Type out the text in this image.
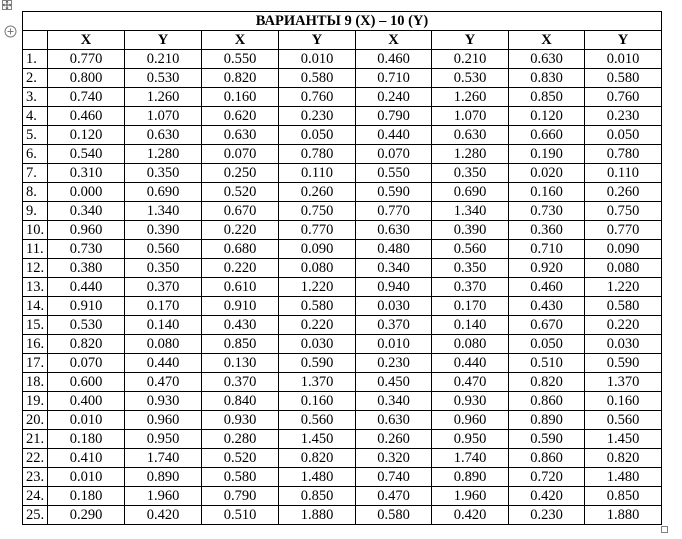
ВАРИАНТЫ 9 (X) – 10 (Y)								
	X	Y	X	Y	X	Y	X	Y
1.	0.770	0.210	0.550	0.010	0.460	0.210	0.630	0.010
2.	0.800	0.530	0.820	0.580	0.710	0.530	0.830	0.580
3.	0.740	1.260	0.160	0.760	0.240	1.260	0.850	0.760
4.	0.460	1.070	0.620	0.230	0.790	1.070	0.120	0.230
5.	0.120	0.630	0.630	0.050	0.440	0.630	0.660	0.050
6.	0.540	1.280	0.070	0.780	0.070	1.280	0.190	0.780
7.	0.310	0.350	0.250	0.110	0.550	0.350	0.020	0.110
8.	0.000	0.690	0.520	0.260	0.590	0.690	0.160	0.260
9.	0.340	1.340	0.670	0.750	0.770	1.340	0.730	0.750
10.	0.960	0.390	0.220	0.770	0.630	0.390	0.360	0.770
11.	0.730	0.560	0.680	0.090	0.480	0.560	0.710	0.090
12.	0.380	0.350	0.220	0.080	0.340	0.350	0.920	0.080
13.	0.440	0.370	0.610	1.220	0.940	0.370	0.460	1.220
14.	0.910	0.170	0.910	0.580	0.030	0.170	0.430	0.580
15.	0.530	0.140	0.430	0.220	0.370	0.140	0.670	0.220
16.	0.820	0.080	0.850	0.030	0.010	0.080	0.050	0.030
17.	0.070	0.440	0.130	0.590	0.230	0.440	0.510	0.590
18.	0.600	0.470	0.370	1.370	0.450	0.470	0.820	1.370
19.	0.400	0.930	0.840	0.160	0.340	0.930	0.860	0.160
20.	0.010	0.960	0.930	0.560	0.630	0.960	0.890	0.560
21.	0.180	0.950	0.280	1.450	0.260	0.950	0.590	1.450
22.	0.410	1.740	0.520	0.820	0.320	1.740	0.860	0.820
23.	0.010	0.890	0.580	1.480	0.740	0.890	0.720	1.480
24.	0.180	1.960	0.790	0.850	0.470	1.960	0.420	0.850
25.	0.290	0.420	0.510	1.880	0.580	0.420	0.230	1.880
